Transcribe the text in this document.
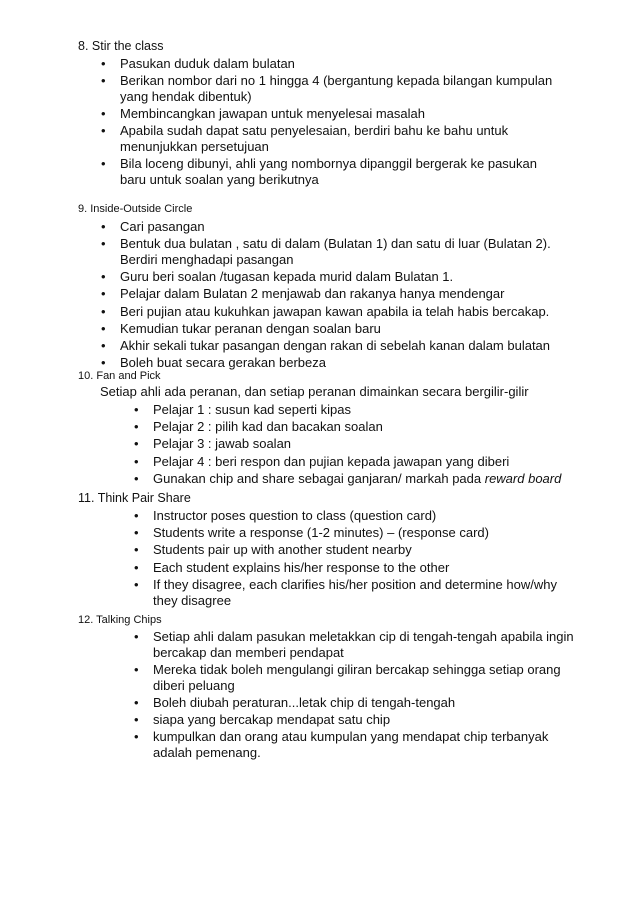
8. Stir the class
• Pasukan duduk dalam bulatan
• Berikan nombor dari no 1 hingga 4 (bergantung kepada bilangan kumpulan yang hendak dibentuk)
• Membincangkan jawapan untuk menyelesai masalah
• Apabila sudah dapat satu penyelesaian, berdiri bahu ke bahu untuk menunjukkan persetujuan
• Bila loceng dibunyi, ahli yang nombornya dipanggil bergerak ke pasukan baru untuk soalan yang berikutnya
9. Inside-Outside Circle
• Cari pasangan
• Bentuk dua bulatan , satu di dalam (Bulatan 1) dan satu di luar (Bulatan 2). Berdiri menghadapi pasangan
• Guru beri soalan /tugasan kepada murid dalam Bulatan 1.
• Pelajar dalam Bulatan 2 menjawab dan rakanya hanya mendengar
• Beri pujian atau kukuhkan jawapan kawan apabila ia telah habis bercakap.
• Kemudian tukar peranan dengan soalan baru
• Akhir sekali tukar pasangan dengan rakan di sebelah kanan dalam bulatan
• Boleh buat secara gerakan berbeza
10. Fan and Pick
Setiap ahli ada peranan, dan setiap peranan dimainkan secara bergilir-gilir
• Pelajar 1 : susun kad seperti kipas
• Pelajar 2 : pilih kad dan bacakan soalan
• Pelajar 3 : jawab soalan
• Pelajar 4 : beri respon dan pujian kepada jawapan yang diberi
• Gunakan chip and share sebagai ganjaran/ markah pada reward board
11. Think Pair Share
• Instructor poses question to class (question card)
• Students write a response (1-2 minutes) – (response card)
• Students pair up with another student nearby
• Each student explains his/her response to the other
• If they disagree, each clarifies his/her position and determine how/why they disagree
12. Talking Chips
• Setiap ahli dalam pasukan meletakkan cip di tengah-tengah apabila ingin bercakap dan memberi pendapat
• Mereka tidak boleh mengulangi giliran bercakap sehingga setiap orang diberi peluang
• Boleh diubah peraturan...letak chip di tengah-tengah
• siapa yang bercakap mendapat satu chip
• kumpulkan dan orang atau kumpulan yang mendapat chip terbanyak adalah pemenang.
